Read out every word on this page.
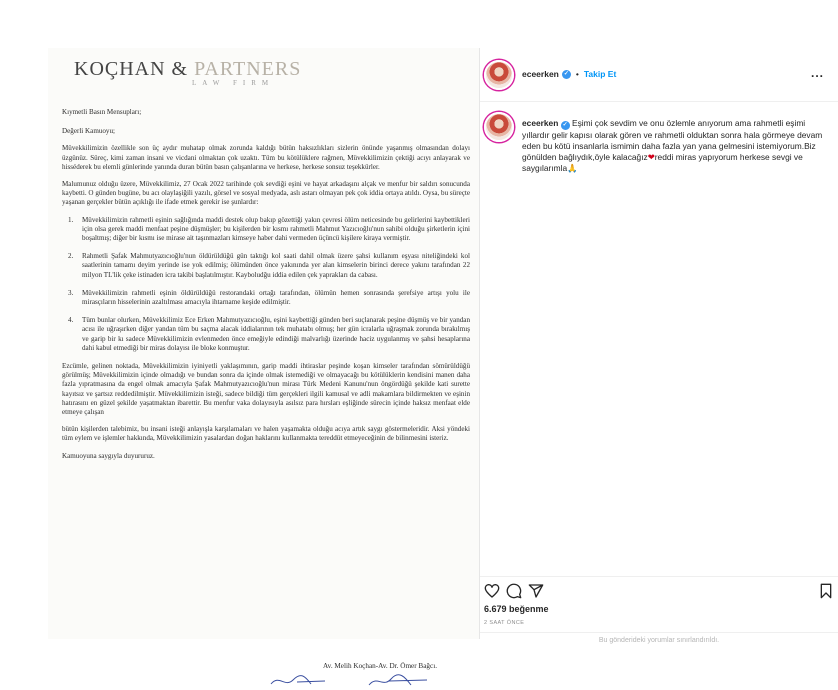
KOÇHAN & PARTNERS
LAW FIRM

Kıymetli Basın Mensupları;

Değerli Kamuoyu;

Müvekkilimizin özellikle son üç aydır muhatap olmak zorunda kaldığı bütün haksızlıkları sizlerin önünde yaşanmış olmasından dolayı üzgünüz. Süreç, kimi zaman insani ve vicdani olmaktan çok uzaktı. Tüm bu kötülüklere rağmen, Müvekkilimizin çektiği acıyı anlayarak ve hisséderek bu elemli günlerinde yanında duran bütün basın çalışanlarına ve herkese, herkese sonsuz teşekkürler.

Malumunuz olduğu üzere, Müvekkilimiz, 27 Ocak 2022 tarihinde çok sevdiği eşini ve hayat arkadaşını alçak ve menfur bir saldırı sonucunda kaybetti. O günden bugüne, bu acı olaylaşiğili yazılı, görsel ve sosyal medyada, aslı astarı olmayan pek çok iddia ortaya atıldı. Oysa, bu süreçte yaşanan gerçekler bütün açıklığı ile ifade etmek gerekir ise şunlardır:

1.	Müvekkilimizin rahmetli eşinin sağlığında maddi destek olup bakıp gözettiği yakın çevresi ölüm neticesinde bu gelirlerini kaybettikleri için olsa gerek maddi menfaat peşine düşmüşler; bu kişilerden bir kısmı rahmetli Mahmut Yazıcıoğlu'nun sahibi olduğu şirketlerin içini boşaltmış; diğer bir kısmı ise mirase ait taşınmazları kimseye haber dahi vermeden üçüncü kişilere kiraya vermiştir.
2.	Rahmetli Şafak Mahmutyazıcıoğlu'nun öldürüldüğü gün taktığı kol saati dahil olmak üzere şahsi kullanım eşyası niteliğindeki kol saatlerinin tamamı deyim yerinde ise yok edilmiş; ölümünden önce yakınında yer alan kimselerin birinci derece yakını tarafından 22 milyon TL'lik çeke istinaden icra takibi başlatılmıştır. Kayboludğu iddia edilen çek yaprakları da cabası.
3.	Müvekkilimizin rahmetli eşinin öldürüldüğü restorandaki ortağı tarafından, ölümün hemen sonrasında şerefsiye artışı yolu ile mirasçıların hisselerinin azaltılması amacıyla ihtarname keşide edilmiştir.
4.	Tüm bunlar olurken, Müvekkilimiz Ece Erken Mahmutyazıcıoğlu, eşini kaybettiği günden beri suçlanarak peşine düşmüş ve bir yandan acısı ile uğraşırken diğer yandan tüm bu saçma alacak iddialarının tek muhatabı olmuş; her gün icralarla uğraşmak zorunda bırakılmış ve garip bir kı sadece Müvekkilimizin evlenmeden önce emeğiyle edindiği malvarlığı üzerinde haciz uygulanmış ve şahsi hesaplarına dahi kabul etmediği bir miras dolayısı ile bloke konmuştur.

Ezcümle, gelinen noktada, Müvekkilimizin iyiniyetli yaklaşımının, garip maddi ihtiraslar peşinde koşan kimseler tarafından sömürüldüğü görülmüş; Müvekkilimizin içinde olmadığı ve bundan sonra da içinde olmak istemediği ve olmayacağı bu kötülüklerin kendisini manen daha fazla yıpratmasına da engel olmak amacıyla Şafak Mahmutyazıcıoğlu'nun mirası Türk Medeni Kanunu'nun öngördüğü şekilde kati surette kayıtsız ve şartsız reddedilmiştir. Müvekkilimizin isteği, sadece bildiği tüm gerçekleri ilgili kamusal ve adli makamlara bildirmekten ve eşinin hatırasını en güzel şekilde yaşatmaktan ibarettir. Bu menfur vaka dolayısıyla asılsız para hırsları eşliğinde sürecin içinde haksız menfaat elde etmeye çalışan

bütün kişilerden talebimiz, bu insani isteği anlayışla karşılamaları ve halen yaşamakta olduğu acıya artık saygı göstermeleridir. Aksi yöndeki tüm eylem ve işlemler hakkında, Müvekkilimizin yasalardan doğan haklarını kullanmakta tereddüt etmeyeceğinin de bilinmesini isteriz.

Kamuoyuna saygıyla duyururuz.

Av. Melih Koçhan-Av. Dr. Ömer Bağcı.
eceerken ✓ • Takip Et	...
eceerken ✓ Eşimi çok sevdim ve onu özlemle anıyorum ama rahmetli eşimi yıllardır gelir kapısı olarak gören ve rahmetli olduktan sonra hala görmeye devam eden bu kötü insanlarla ismimin daha fazla yan yana gelmesini istemiyorum.Biz gönülden bağlıydık,öyle kalacağız❤reddi miras yapıyorum herkese sevgi ve saygılarımla🙏
6.679 beğenme
2 SAAT ÖNCE
Bu gönderideki yorumlar sınırlandırıldı.
